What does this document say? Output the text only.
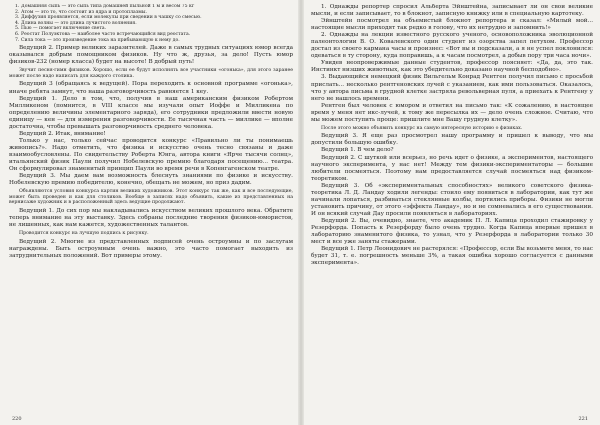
1. Домашняя сыпь — это сыпь типа домашней пыльной 1 м и весом 75 кг
2. Атом — это то, что состоит из ядра и протоплазмы.
3. Диффузия проявляется, если молекулы при сведении в чашку со смесью.
4. Длина волны — это длина лучистого волнения.
5. Пью — помогает включение света.
6. Реостат Полуэктова — наиболее часто встречающийся вид реостата.
7. Сила тока — это произведение тока на прибывающую к нему до.

Ведущий 2. Пример великих заразителей. Даже в самых трудных ситуациях юмор всегда оказывался добрым помощником физиков. Ну что ж, друзья, за дело! Пусть юмор физиков-232 (номер класса) будет на высоте! В добрый путь!

Звучит песня-гимн физиков. Хорошо, если ее будут исполнять все участники «огонька», для этого заранее может после надо написать для каждого столика.

Ведущий 3 (обращаясь к ведущей). Пора переходить к основной программе «огонька», иначе ребята замнут, что наша разговорчивость равняется 1 кеу.

Ведущий 1. Дело в том, что, получив в наш американским физиком Робертом Милликеном (помнится, в VIII классе мы изучали опыт Иоффе и Милликена по определению величины элементарного заряда), его сотрудники предложили ввести новую единицу — кен — для измерения разговорчивости. Ее тысячная часть — миллике — вполне достаточна, чтобы превышать разговорчивость среднего человека.

Ведущий 2. Итак, внимание!

Только у нас, только сейчас проводится конкурс «Правильно ли ты понимаешь живопись?». Надо отметить, что физика и искусство очень тесно связаны и даже взаимообусловлены. По свидетельству Роберта Юнга, автора книги «Ярче тысячи солнц», итальянский физик Паули получил Нобелевскую премию благодаря посещению... театра. Он сформулировал знаменитый принцип Паули во время речи в Копенгагенском театре.

Ведущий 3. Мы даем вам возможность блеснуть знаниями по физике и искусству. Нобелевскую премию победителю, конечно, обещать не можем, но приз дадим.

Объявляются условия конкурса картин великих художников. Этот конкурс так же, как и все последующие, может быть проведен и как для столиков. Вообще в записях надо объявить, какие из представленных на вернисаже художник и в расположенный здесь ведущие продолжают.

Ведущий 1. До сих пор мы накладывались искусством великих прошлого века. Обратите теперь внимание на эту выставку. Здесь собраны последние творения физиков-юмористов, не лишенных, как нам кажется, художественных талантов.

Проводится конкурс на лучшую подпись к рисунку.

Ведущий 2. Многие из представленных подписей очень остроумны и по заслугам награждены. Быть остроумным очень важно, это часто помогает выходить из затруднительных положений. Вот примеры этому.

220

1. Однажды репортер спросил Альберта Эйнштейна, записывает ли он свои великие мысли, и если записывает, то в блокнот, записную книжку или в специальную картотеку.

Эйнштейн посмотрел на объемистый блокнот репортера и сказал: «Милый мой... настоящие мысли приходят так редко в голову, что их нетрудно и запомнить!»

2. Однажды на лекции известного русского ученого, основоположника эволюционной палеонтологии В. О. Ковалевского один студент из озорства запел петухом. Профессор достал из своего кармана часы и произнес: «Вот вы и подсказали, а я не успел поклонился: одеваться в ту сторону, куда поправишь, а к часам посмотрел, а добыв пору три часа ночи».

Увидев неопровержимые данные студентов, профессор поясняет: «Да, да, это так. Инстинкт низших животных, как это убедительно доказано научной бесподобно».

3. Выдающийся немецкий физик Вильгельм Конрад Рентген получил письмо с просьбой прислать... несколько рентгеновских лучей с указанием, как ими пользоваться. Оказалось, что у автора письма в грудной клетке застряла револьверная пуля, а приехать к Рентгену у него не нашлось времени.

Рентген был человек с юмором и ответил на письмо так: «К сожалению, в настоящее время у меня нет икс-лучей, к тому же пересылка их — дело очень сложное. Считаю, что мы можем поступить проще: пришлите мне Вашу грудную клетку».

После этого можно объявить конкурс на самую интересную историю о физиках.

Ведущий 3. Я еще раз просмотрел нашу программу и пришел к выводу, что мы допустили большую ошибку.

Ведущий 1. В чем дело?

Ведущий 2. С шуткой или всерьез, но речь идет о физике, а экспериментов, настоящего научного эксперимента, у нас нет! Между тем физики-экспериментаторы — большие любители посмеяться. Поэтому нам предоставляется случай посмеяться над физиком-теоретиком.

Ведущий 3. Об «экспериментальных способностях» великого советского физика-теоретика Л. Д. Ландау ходили легенды: стоило ему появиться в лаборатории, как тут же начинали лопаться, разбиваться стеклянные колбы, портились приборы. Физики не могли установить причину, от этого «эффекта Ландау», но и не сомневались в его существовании. И он всякий случай Дау просили появляться в лабораториях.

Ведущий 2. Вы, очевидно, знаете, что академик П. Л. Капица проходил стажировку у Резерфорда. Попасть к Резерфорду было очень трудно. Когда Капица впервые пришел в лабораторию знаменитого физика, то узнал, что у Резерфорда в лаборатории только 30 мест и все уже заняты стажерами.

Ведущий 1. Петр Леонидович не растерялся: «Профессор, если Вы возьмете меня, то нас будет 31, т. е. погрешность меньше 3%, а такая ошибка хорошо согласуется с данными эксперимента».

221
